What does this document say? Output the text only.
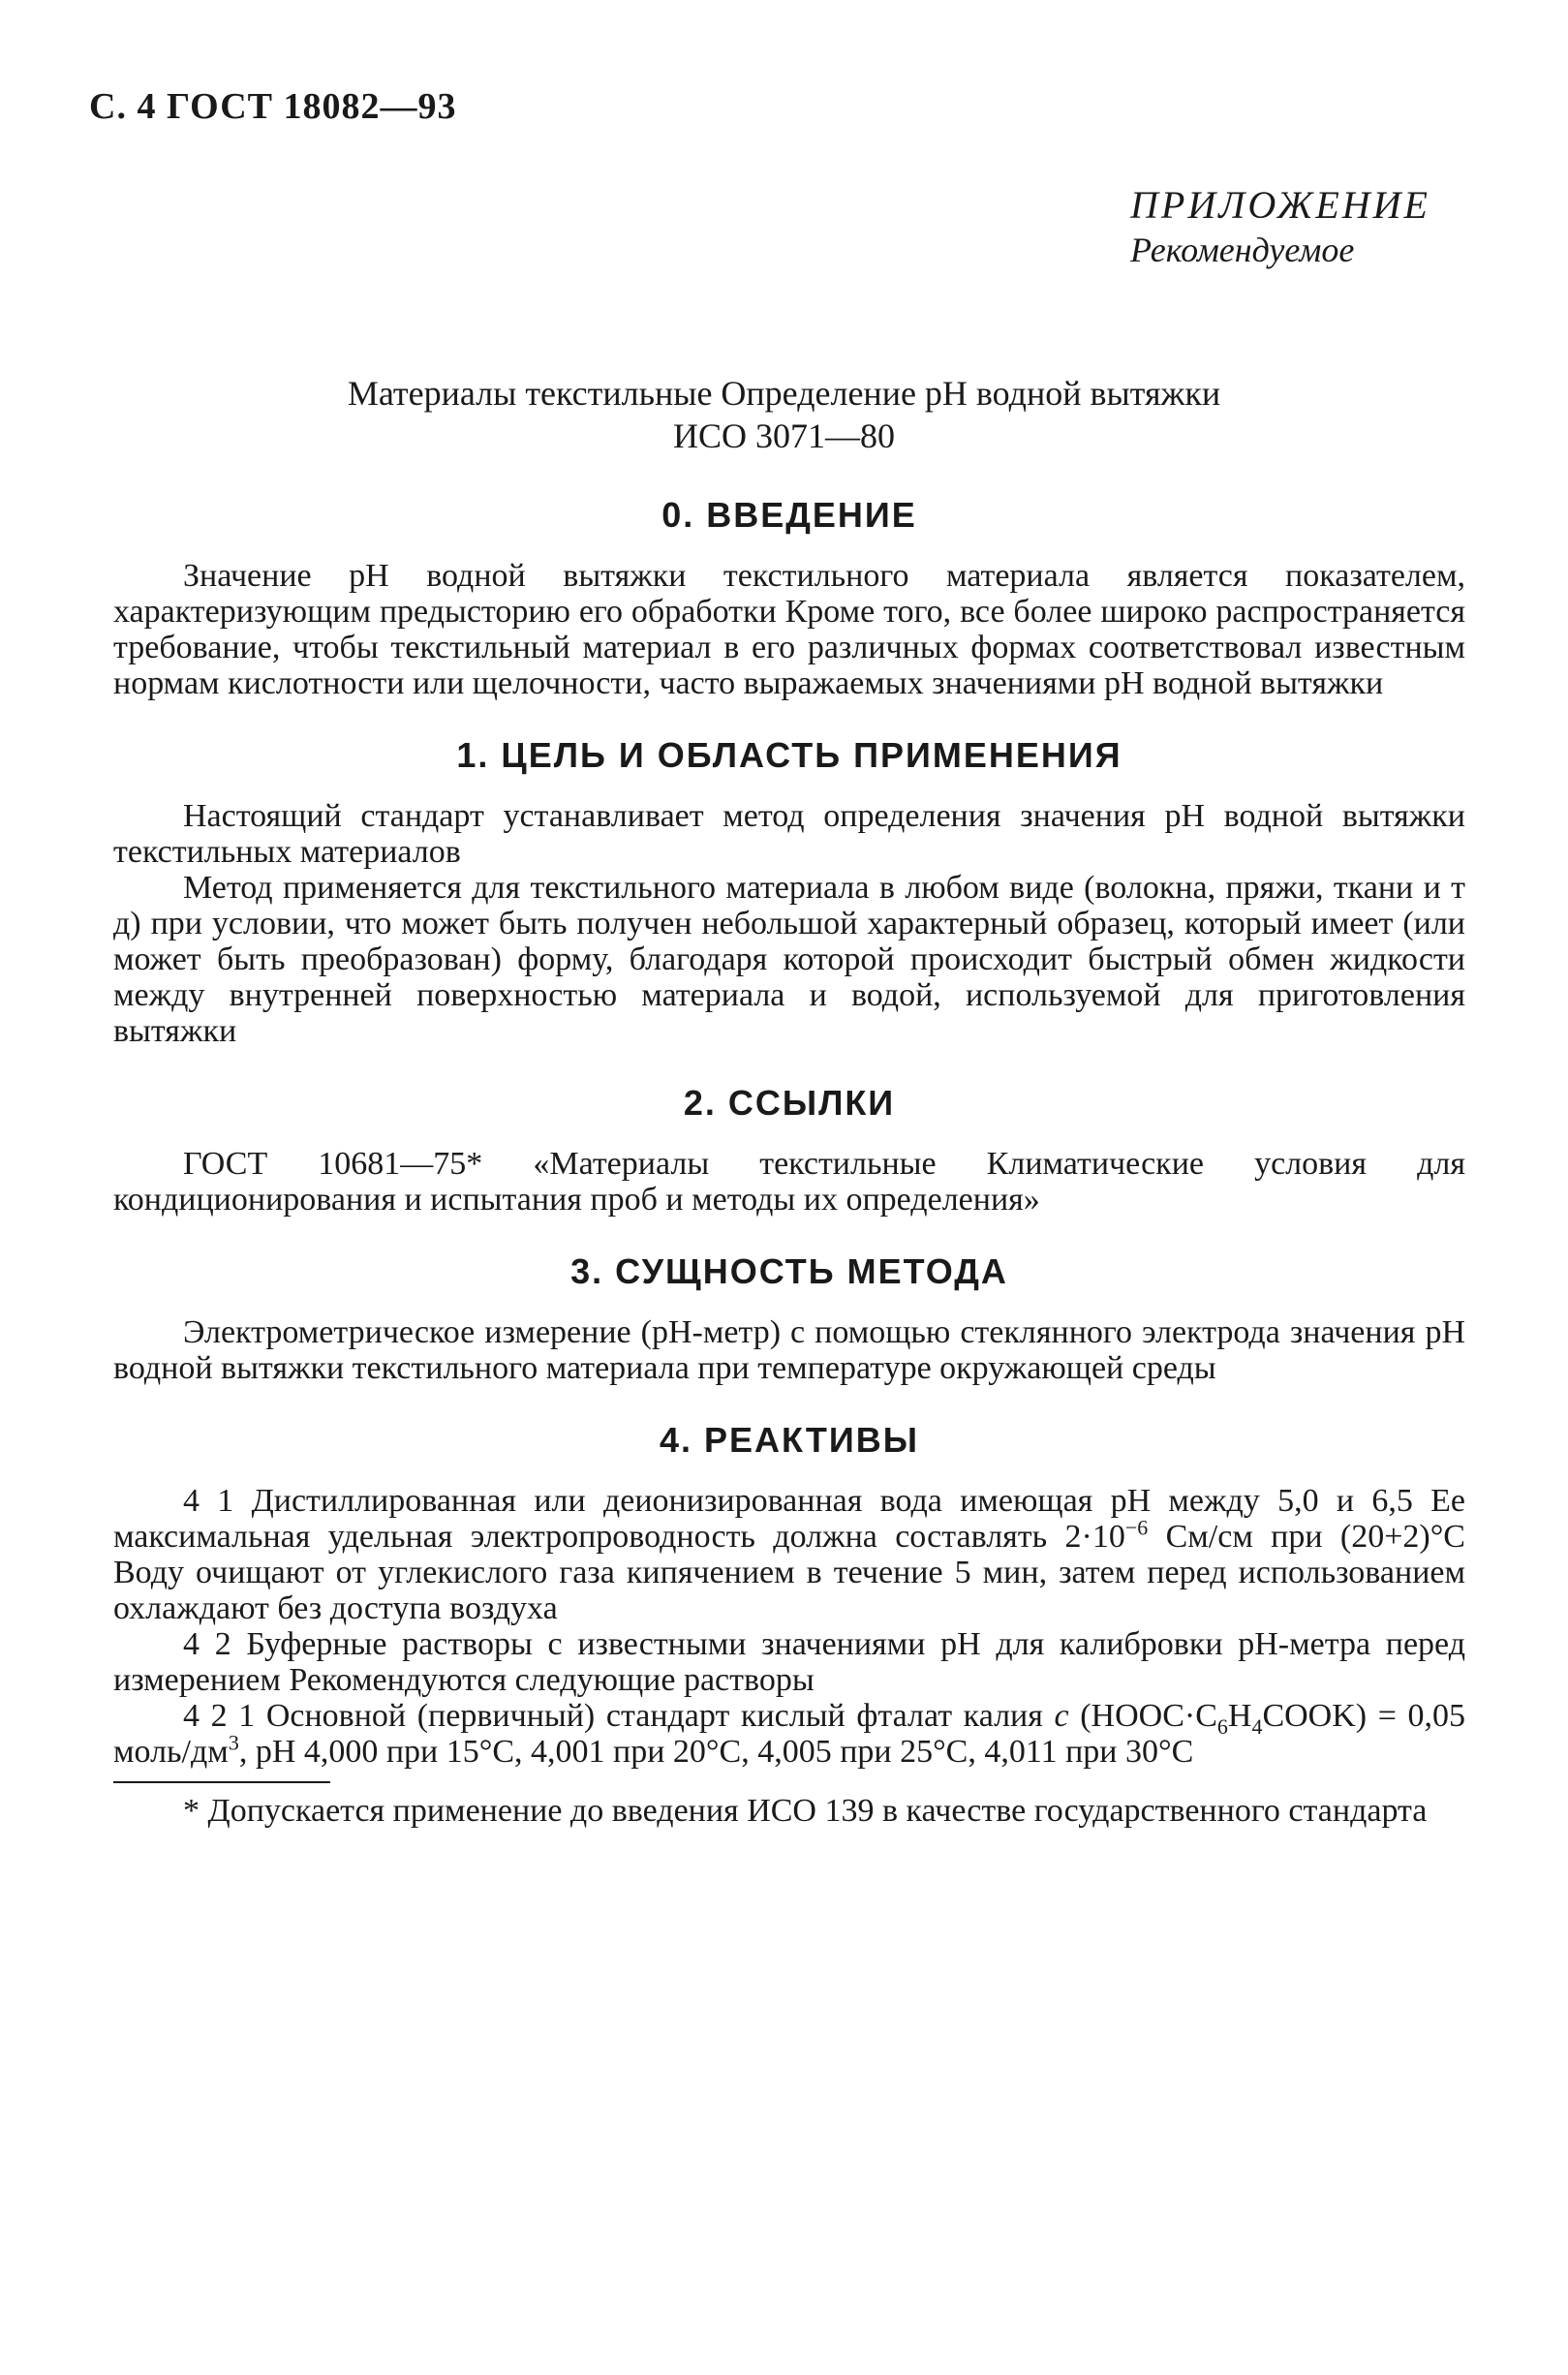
С. 4 ГОСТ 18082—93
ПРИЛОЖЕНИЕ
Рекомендуемое
Материалы текстильные Определение pH водной вытяжки
ИСО 3071—80
0. ВВЕДЕНИЕ

Значение pH водной вытяжки текстильного материала является показателем, характеризующим предысторию его обработки Кроме того, все более широко распространяется требование, чтобы текстильный материал в его различных формах соответствовал известным нормам кислотности или щелочности, часто выражаемых значениями pH водной вытяжки

1. ЦЕЛЬ И ОБЛАСТЬ ПРИМЕНЕНИЯ

Настоящий стандарт устанавливает метод определения значения pH водной вытяжки текстильных материалов

Метод применяется для текстильного материала в любом виде (волокна, пряжи, ткани и т д) при условии, что может быть получен небольшой характерный образец, который имеет (или может быть преобразован) форму, благодаря которой происходит быстрый обмен жидкости между внутренней поверхностью материала и водой, используемой для приготовления вытяжки

2. ССЫЛКИ

ГОСТ 10681—75* «Материалы текстильные Климатические условия для кондиционирования и испытания проб и методы их определения»

3. СУЩНОСТЬ МЕТОДА

Электрометрическое измерение (pH-метр) с помощью стеклянного электрода значения pH водной вытяжки текстильного материала при температуре окружающей среды

4. РЕАКТИВЫ

4 1 Дистиллированная или деионизированная вода имеющая pH между 5,0 и 6,5 Ее максимальная удельная электропроводность должна составлять $2\cdot 10^{-6}$ См/см при (20+2)°С Воду очищают от углекислого газа кипячением в течение 5 мин, затем перед использованием охлаждают без доступа воздуха

4 2 Буферные растворы с известными значениями pH для калибровки pH-метра перед измерением Рекомендуются следующие растворы

4 2 1 Основной (первичный) стандарт кислый фталат калия c $(HOOC\cdot C_6H_4COOK) = 0,05$ моль/$дм^3$, pH 4,000 при 15°С, 4,001 при 20°С, 4,005 при 25°С, 4,011 при 30°С

* Допускается применение до введения ИСО 139 в качестве государственного стандарта
